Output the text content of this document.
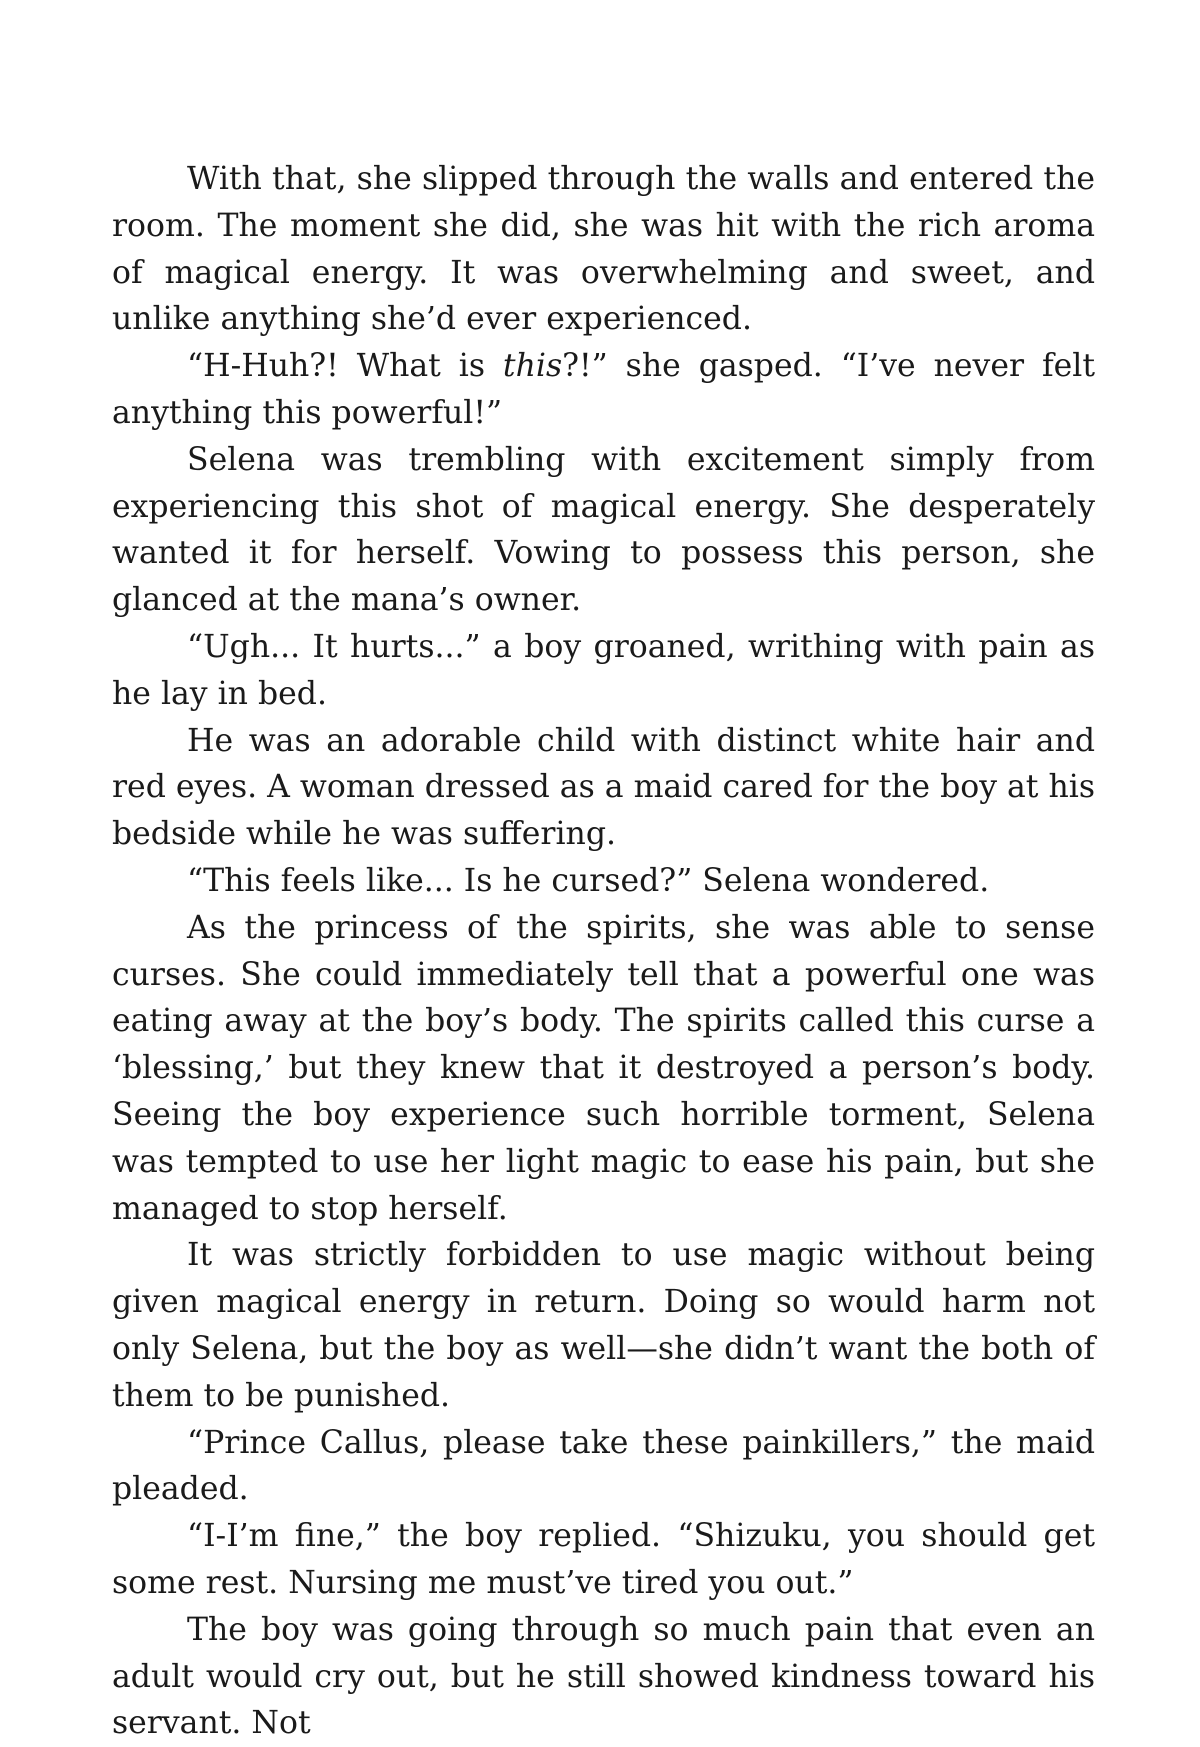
With that, she slipped through the walls and entered the room. The moment she did, she was hit with the rich aroma of magical energy. It was overwhelming and sweet, and unlike anything she’d ever experienced.

“H-Huh?! What is this?!” she gasped. “I’ve never felt anything this powerful!”

Selena was trembling with excitement simply from experiencing this shot of magical energy. She desperately wanted it for herself. Vowing to possess this person, she glanced at the mana’s owner.

“Ugh... It hurts...” a boy groaned, writhing with pain as he lay in bed.

He was an adorable child with distinct white hair and red eyes. A woman dressed as a maid cared for the boy at his bedside while he was suffering.

“This feels like... Is he cursed?” Selena wondered.

As the princess of the spirits, she was able to sense curses. She could immediately tell that a powerful one was eating away at the boy’s body. The spirits called this curse a ‘blessing,’ but they knew that it destroyed a person’s body. Seeing the boy experience such horrible torment, Selena was tempted to use her light magic to ease his pain, but she managed to stop herself.

It was strictly forbidden to use magic without being given magical energy in return. Doing so would harm not only Selena, but the boy as well—she didn’t want the both of them to be punished.

“Prince Callus, please take these painkillers,” the maid pleaded.

“I-I’m fine,” the boy replied. “Shizuku, you should get some rest. Nursing me must’ve tired you out.”

The boy was going through so much pain that even an adult would cry out, but he still showed kindness toward his servant. Not
